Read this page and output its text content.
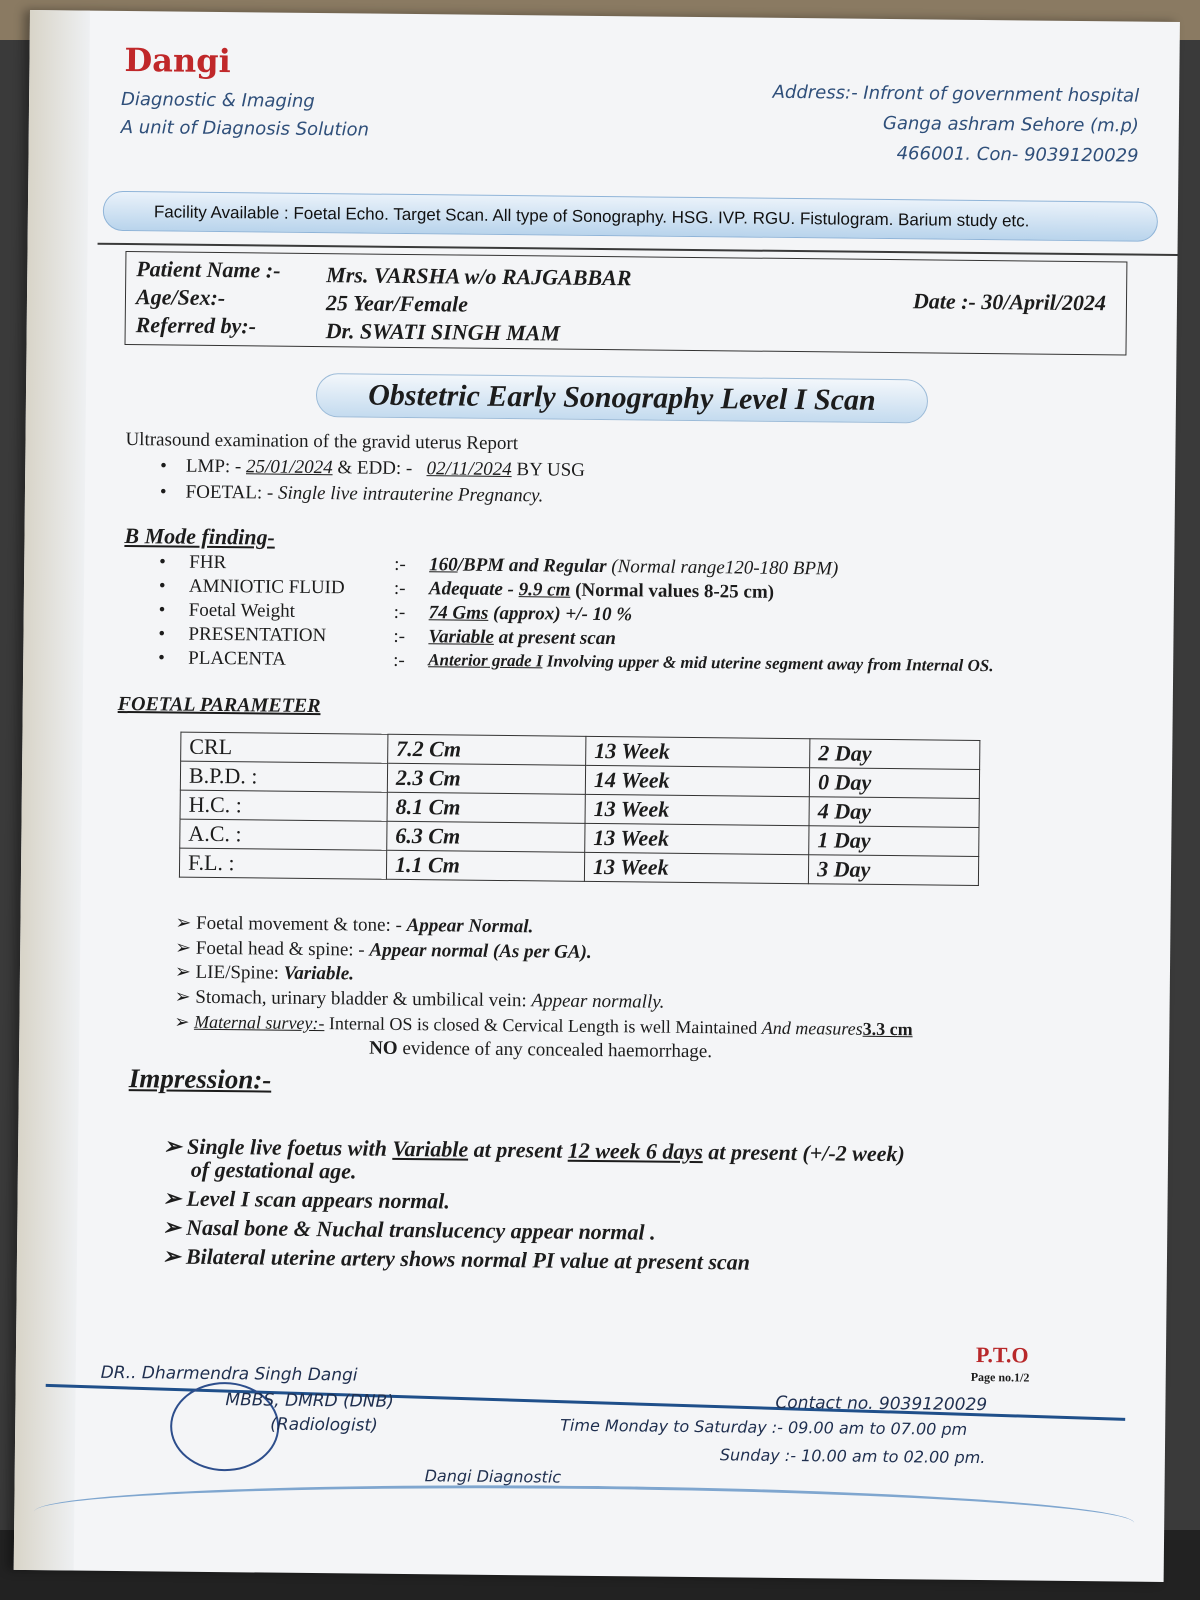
Dangi
Diagnostic & Imaging
A unit of Diagnosis Solution
Address:- Infront of government hospital
Ganga ashram Sehore (m.p)
466001. Con- 9039120029
Facility Available : Foetal Echo. Target Scan. All type of Sonography. HSG. IVP. RGU. Fistulogram. Barium study etc.
Patient Name :- Mrs. VARSHA w/o RAJGABBAR
Age/Sex:-	25 Year/Female
Referred by:-	Dr. SWATI SINGH MAM
Date :- 30/April/2024
Obstetric Early Sonography Level I Scan
Ultrasound examination of the gravid uterus Report
•    LMP: - 25/01/2024 & EDD: - 02/11/2024 BY USG
•    FOETAL: - Single live intrauterine Pregnancy.
B Mode finding-
• FHR	:- 160/BPM and Regular (Normal range120-180 BPM)
• AMNIOTIC FLUID	:- Adequate - 9.9 cm (Normal values 8-25 cm)
• Foetal Weight	:- 74 Gms (approx) +/- 10 %
• PRESENTATION	:- Variable at present scan
• PLACENTA	:- Anterior grade I Involving upper & mid uterine segment away from Internal OS.
FOETAL PARAMETER
CRL	7.2 Cm	13 Week	2 Day
B.P.D. :	2.3 Cm	14 Week	0 Day
H.C. :	8.1 Cm	13 Week	4 Day
A.C. :	6.3 Cm	13 Week	1 Day
F.L. :	1.1 Cm	13 Week	3 Day
➢ Foetal movement & tone: - Appear Normal.
➢ Foetal head & spine: - Appear normal (As per GA).
➢ LIE/Spine: Variable.
➢ Stomach, urinary bladder & umbilical vein: Appear normally.
➢ Maternal survey:- Internal OS is closed & Cervical Length is well Maintained And measures3.3 cm
NO evidence of any concealed haemorrhage.
Impression:-
➢ Single live foetus with Variable at present 12 week 6 days at present (+/-2 week)
of gestational age.
➢ Level I scan appears normal.
➢ Nasal bone & Nuchal translucency appear normal .
➢ Bilateral uterine artery shows normal PI value at present scan
P.T.O
Page no.1/2
DR.. Dharmendra Singh Dangi
MBBS, DMRD (DNB)
(Radiologist)
Contact no. 9039120029
Time Monday to Saturday :- 09.00 am to 07.00 pm
Sunday :- 10.00 am to 02.00 pm.
Dangi Diagnostic
